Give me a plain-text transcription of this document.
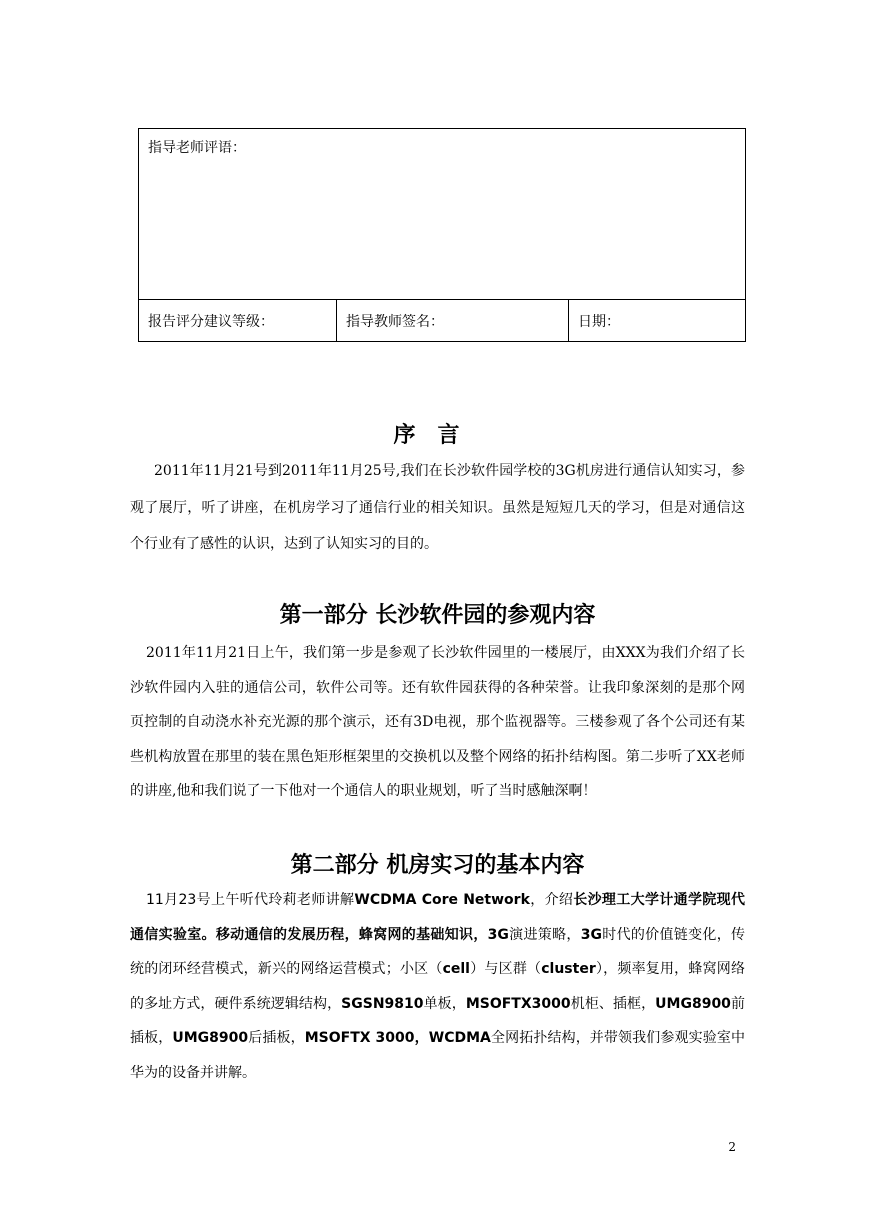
指导老师评语：
报告评分建议等级：	指导教师签名：	日期：
序言

2011年11月21号到2011年11月25号,我们在长沙软件园学校的3G机房进行通信认知实习，参观了展厅，听了讲座，在机房学习了通信行业的相关知识。虽然是短短几天的学习，但是对通信这个行业有了感性的认识，达到了认知实习的目的。

第一部分 长沙软件园的参观内容

2011年11月21日上午，我们第一步是参观了长沙软件园里的一楼展厅，由XXX为我们介绍了长沙软件园内入驻的通信公司，软件公司等。还有软件园获得的各种荣誉。让我印象深刻的是那个网页控制的自动浇水补充光源的那个演示，还有3D电视，那个监视器等。三楼参观了各个公司还有某些机构放置在那里的装在黑色矩形框架里的交换机以及整个网络的拓扑结构图。第二步听了XX老师的讲座,他和我们说了一下他对一个通信人的职业规划，听了当时感触深啊！

第二部分 机房实习的基本内容

11月23号上午听代玲莉老师讲解WCDMA Core Network，介绍长沙理工大学计通学院现代通信实验室。移动通信的发展历程，蜂窝网的基础知识，3G演进策略，3G时代的价值链变化，传统的闭环经营模式，新兴的网络运营模式；小区（cell）与区群（cluster），频率复用，蜂窝网络的多址方式，硬件系统逻辑结构，SGSN9810单板，MSOFTX3000机柜、插框，UMG8900前插板，UMG8900后插板，MSOFTX 3000，WCDMA全网拓扑结构，并带领我们参观实验室中华为的设备并讲解。

2
